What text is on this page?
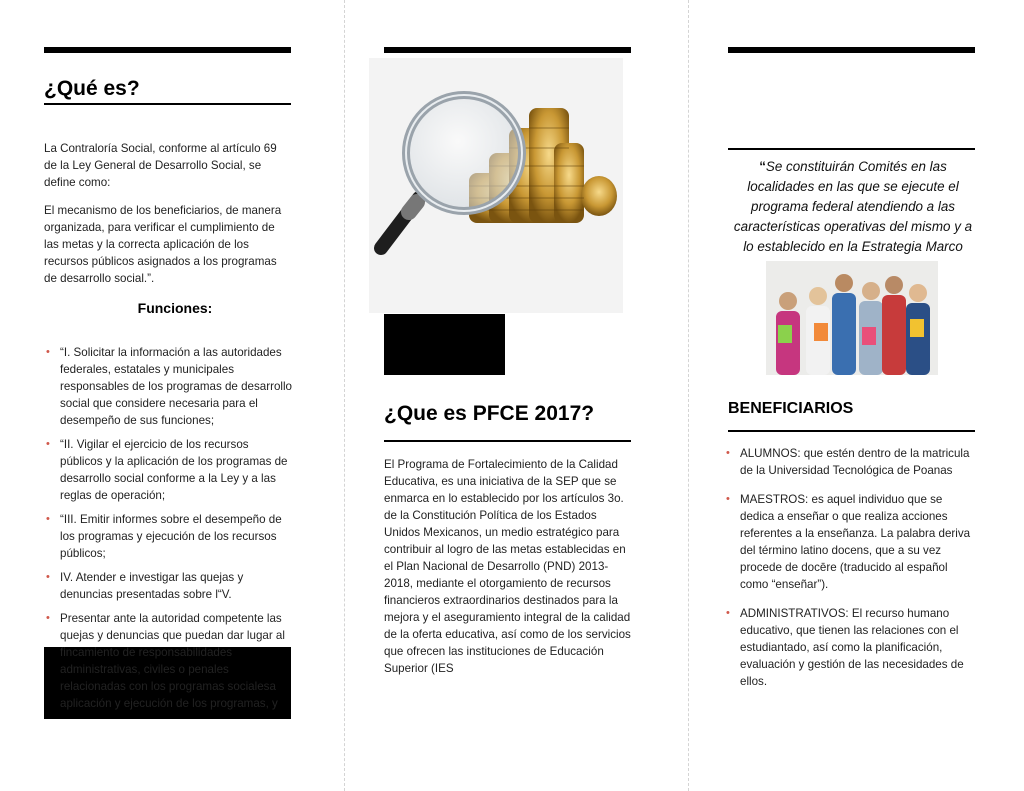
¿Qué es?

La Contraloría Social, conforme al artículo 69 de la Ley General de Desarrollo Social, se define como:

El mecanismo de los beneficiarios, de manera organizada, para verificar el cumplimiento de las metas y la correcta aplicación de los recursos públicos asignados a los programas de desarrollo social.”.

Funciones:
• “I. Solicitar la información a las autoridades federales, estatales y municipales responsables de los programas de desarrollo social que considere necesaria para el desempeño de sus funciones;
• “II. Vigilar el ejercicio de los recursos públicos y la aplicación de los programas de desarrollo social conforme a la Ley y a las reglas de operación;
• “III. Emitir informes sobre el desempeño de los programas y ejecución de los recursos públicos;
• IV. Atender e investigar las quejas y denuncias presentadas sobre l“V.
• Presentar ante la autoridad competente las quejas y denuncias que puedan dar lugar al fincamiento de responsabilidades administrativas, civiles o penales relacionadas con los programas socialesa aplicación y ejecución de los programas, y
¿Que es PFCE 2017?

El Programa de Fortalecimiento de la Calidad Educativa, es una iniciativa de la SEP que se enmarca en lo establecido por los artículos 3o. de la Constitución Política de los Estados Unidos Mexicanos, un medio estratégico para contribuir al logro de las metas establecidas en el Plan Nacional de Desarrollo (PND) 2013-2018, mediante el otorgamiento de recursos financieros extraordinarios destinados para la mejora y el aseguramiento integral de la calidad de la oferta educativa, así como de los servicios que ofrecen las instituciones de Educación Superior (IES

“Se constituirán Comités en las localidades en las que se ejecute el programa federal atendiendo a las características operativas del mismo y a lo establecido en la Estrategia Marco

BENEFICIARIOS
• ALUMNOS: que estén dentro de la matricula de la Universidad Tecnológica de Poanas
• MAESTROS: es aquel individuo que se dedica a enseñar o que realiza acciones referentes a la enseñanza. La palabra deriva del término latino docens, que a su vez procede de docēre (traducido al español como “enseñar”).
• ADMINISTRATIVOS: El recurso humano educativo, que tienen las relaciones con el estudiantado, así como la planificación, evaluación y gestión de las necesidades de ellos.
